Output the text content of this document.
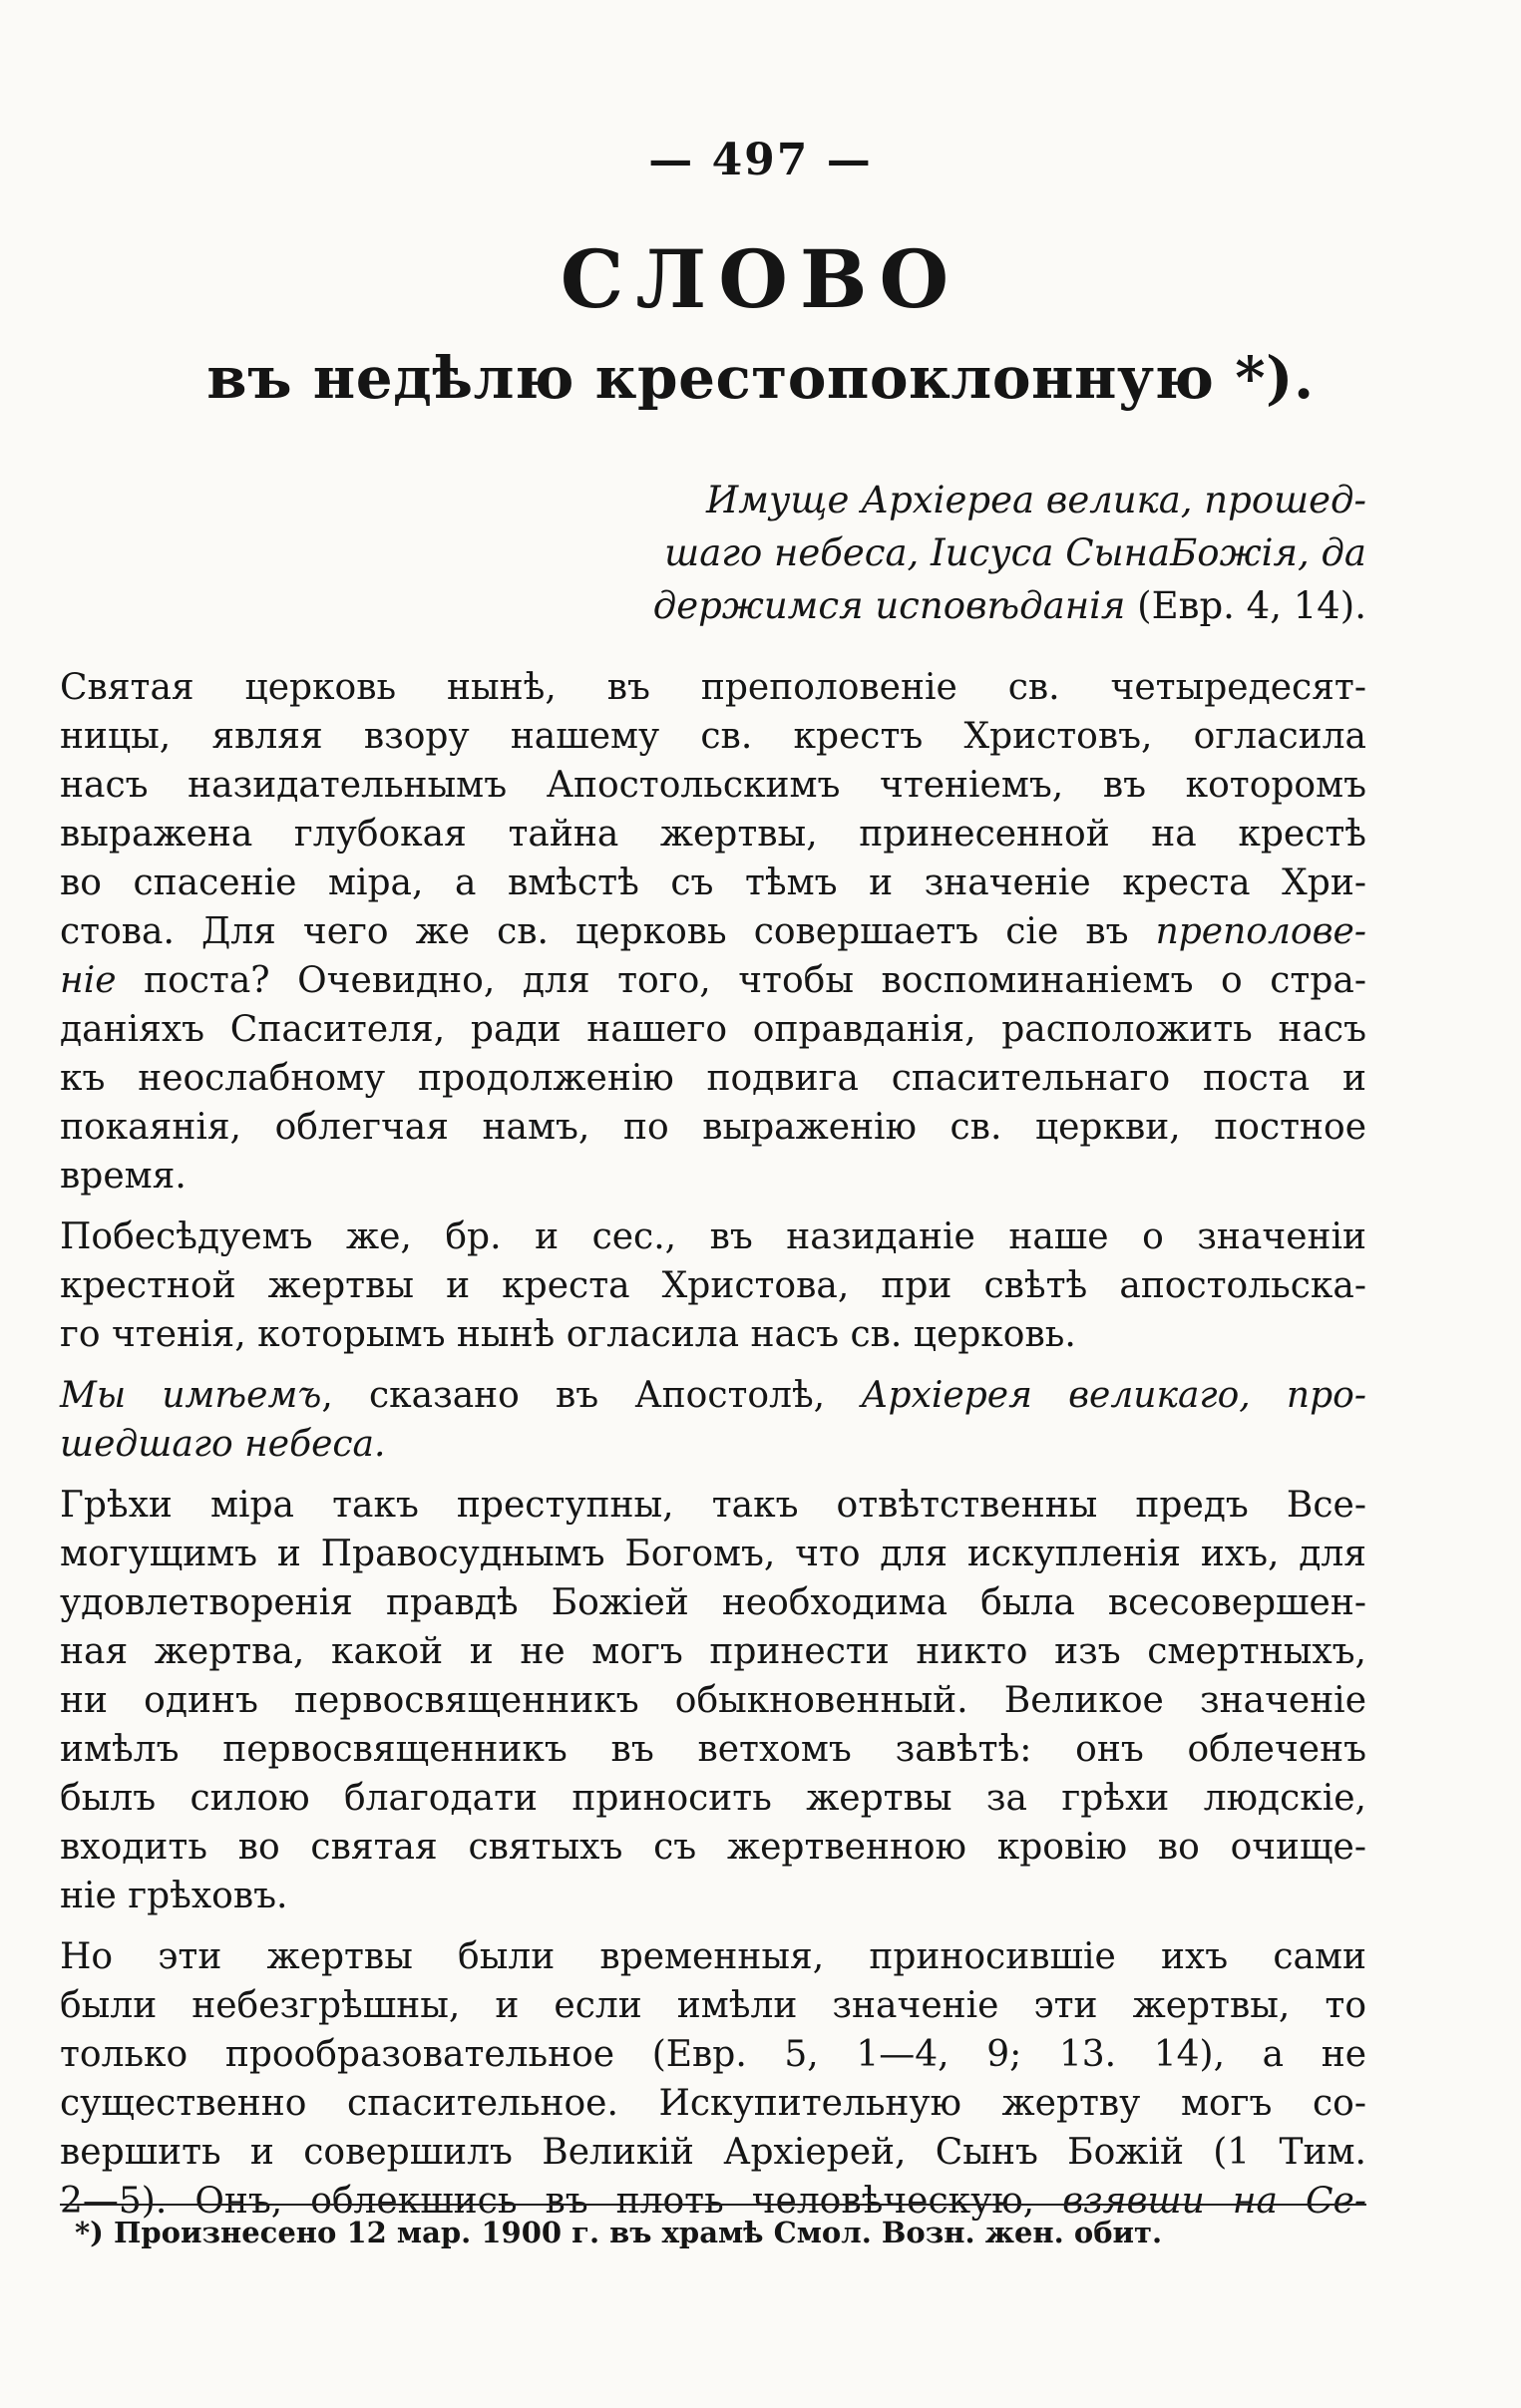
— 497 —
СЛОВО
въ недѣлю крестопоклонную *).
Имуще Архіереа велика, прошед-
шаго небеса, Іисуса СынаБожія, да
держимся исповѣданія (Евр. 4, 14).
Святая церковь нынѣ, въ преполовеніе св. четыредесят-
ницы, являя взору нашему св. крестъ Христовъ, огласила
насъ назидательнымъ Апостольскимъ чтеніемъ, въ которомъ
выражена глубокая тайна жертвы, принесенной на крестѣ
во спасеніе міра, а вмѣстѣ съ тѣмъ и значеніе креста Хри-
стова. Для чего же св. церковь совершаетъ сіе въ преполове-
ніе поста? Очевидно, для того, чтобы воспоминаніемъ о стра-
даніяхъ Спасителя, ради нашего оправданія, расположить насъ
къ неослабному продолженію подвига спасительнаго поста и
покаянія, облегчая намъ, по выраженію св. церкви, постное
время.
Побесѣдуемъ же, бр. и сес., въ назиданіе наше о значеніи
крестной жертвы и креста Христова, при свѣтѣ апостольска-
го чтенія, которымъ нынѣ огласила насъ св. церковь.
Мы имѣемъ, сказано въ Апостолѣ, Архіерея великаго, про-
шедшаго небеса.
Грѣхи міра такъ преступны, такъ отвѣтственны предъ Все-
могущимъ и Правосуднымъ Богомъ, что для искупленія ихъ, для
удовлетворенія правдѣ Божіей необходима была всесовершен-
ная жертва, какой и не могъ принести никто изъ смертныхъ,
ни одинъ первосвященникъ обыкновенный. Великое значеніе
имѣлъ первосвященникъ въ ветхомъ завѣтѣ: онъ облеченъ
былъ силою благодати приносить жертвы за грѣхи людскіе,
входить во святая святыхъ съ жертвенною кровію во очище-
ніе грѣховъ.
Но эти жертвы были временныя, приносившіе ихъ сами
были небезгрѣшны, и если имѣли значеніе эти жертвы, то
только прообразовательное (Евр. 5, 1—4, 9; 13. 14), а не
существенно спасительное. Искупительную жертву могъ со-
вершить и совершилъ Великій Архіерей, Сынъ Божій (1 Тим.
2—5). Онъ, облекшись въ плоть человѣческую, взявши на Се-
*) Произнесено 12 мар. 1900 г. въ храмѣ Смол. Возн. жен. обит.
